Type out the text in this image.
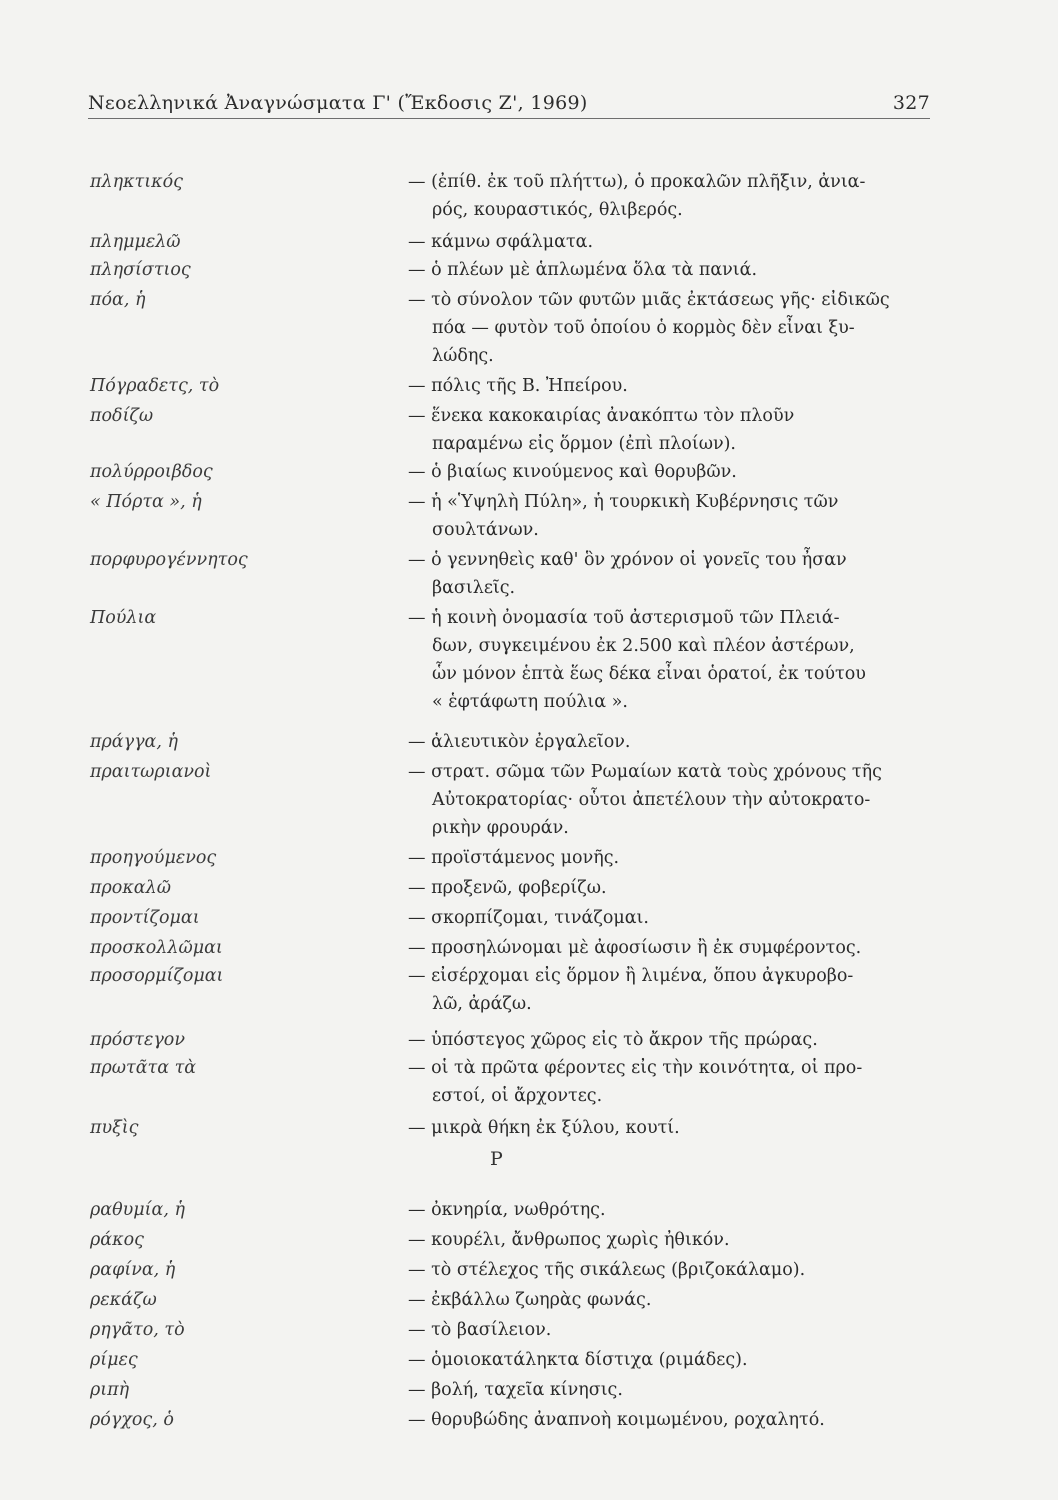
Νεοελληνικά Ἀναγνώσματα Γ' (Ἔκδοσις Ζ', 1969)	327

πληκτικός	— (ἐπίθ. ἐκ τοῦ πλήττω), ὁ προκαλῶν πλῆξιν, ἀνια-
ρός, κουραστικός, θλιβερός.
πλημμελῶ	— κάμνω σφάλματα.
πλησίστιος	— ὁ πλέων μὲ ἁπλωμένα ὅλα τὰ πανιά.
πόα, ἡ	— τὸ σύνολον τῶν φυτῶν μιᾶς ἐκτάσεως γῆς· εἰδικῶς
πόα — φυτὸν τοῦ ὁποίου ὁ κορμὸς δὲν εἶναι ξυ-
λώδης.
Πόγραδετς, τὸ	— πόλις τῆς Β. Ἠπείρου.
ποδίζω	— ἕνεκα κακοκαιρίας ἀνακόπτω τὸν πλοῦν
παραμένω εἰς ὅρμον (ἐπὶ πλοίων).
πολύρροιβδος	— ὁ βιαίως κινούμενος καὶ θορυβῶν.
« Πόρτα », ἡ	— ἡ «Ὑψηλὴ Πύλη», ἡ τουρκικὴ Κυβέρνησις τῶν
σουλτάνων.
πορφυρογέννητος	— ὁ γεννηθεὶς καθ' ὃν χρόνον οἱ γονεῖς του ἦσαν
βασιλεῖς.
Πούλια	— ἡ κοινὴ ὀνομασία τοῦ ἀστερισμοῦ τῶν Πλειά-
δων, συγκειμένου ἐκ 2.500 καὶ πλέον ἀστέρων,
ὧν μόνον ἑπτὰ ἕως δέκα εἶναι ὁρατοί, ἐκ τούτου
« ἑφτάφωτη πούλια ».
πράγγα, ἡ	— ἁλιευτικὸν ἐργαλεῖον.
πραιτωριανοὶ	— στρατ. σῶμα τῶν Ρωμαίων κατὰ τοὺς χρόνους τῆς
Αὐτοκρατορίας· οὗτοι ἀπετέλουν τὴν αὐτοκρατο-
ρικὴν φρουράν.
προηγούμενος	— προϊστάμενος μονῆς.
προκαλῶ	— προξενῶ, φοβερίζω.
προντίζομαι	— σκορπίζομαι, τινάζομαι.
προσκολλῶμαι	— προσηλώνομαι μὲ ἀφοσίωσιν ἢ ἐκ συμφέροντος.
προσορμίζομαι	— εἰσέρχομαι εἰς ὅρμον ἢ λιμένα, ὅπου ἀγκυροβο-
λῶ, ἀράζω.
πρόστεγον	— ὑπόστεγος χῶρος εἰς τὸ ἄκρον τῆς πρώρας.
πρωτᾶτα τὰ	— οἱ τὰ πρῶτα φέροντες εἰς τὴν κοινότητα, οἱ προ-
εστοί, οἱ ἄρχοντες.
πυξὶς	— μικρὰ θήκη ἐκ ξύλου, κουτί.
ραθυμία, ἡ	— ὀκνηρία, νωθρότης.
ράκος	— κουρέλι, ἄνθρωπος χωρὶς ἠθικόν.
ραφίνα, ἡ	— τὸ στέλεχος τῆς σικάλεως (βριζοκάλαμο).
ρεκάζω	— ἐκβάλλω ζωηρὰς φωνάς.
ρηγᾶτο, τὸ	— τὸ βασίλειον.
ρίμες	— ὁμοιοκατάληκτα δίστιχα (ριμάδες).
ριπὴ	— βολή, ταχεῖα κίνησις.
ρόγχος, ὁ	— θορυβώδης ἀναπνοὴ κοιμωμένου, ροχαλητό.
Ρ
